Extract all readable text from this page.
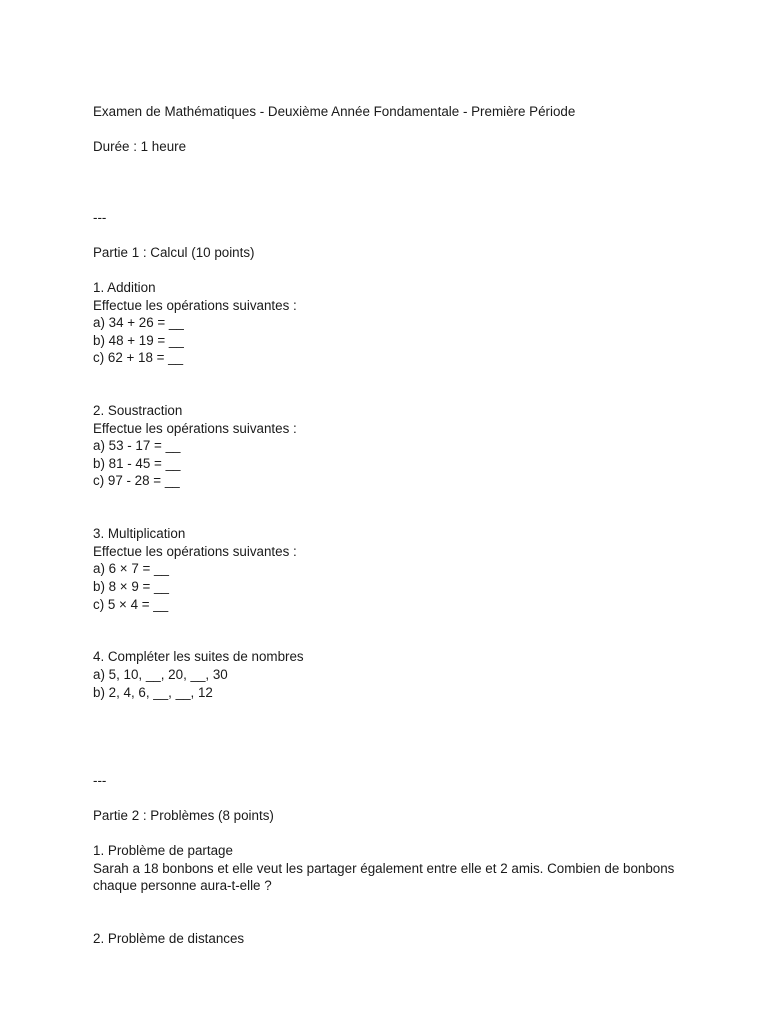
Examen de Mathématiques - Deuxième Année Fondamentale - Première Période

Durée : 1 heure

---

Partie 1 : Calcul (10 points)

1. Addition

Effectue les opérations suivantes :

a) 34 + 26 = __

b) 48 + 19 = __

c) 62 + 18 = __

2. Soustraction

Effectue les opérations suivantes :

a) 53 - 17 = __

b) 81 - 45 = __

c) 97 - 28 = __

3. Multiplication

Effectue les opérations suivantes :

a) 6 × 7 = __

b) 8 × 9 = __

c) 5 × 4 = __

4. Compléter les suites de nombres

a) 5, 10, __, 20, __, 30

b) 2, 4, 6, __, __, 12

---

Partie 2 : Problèmes (8 points)

1. Problème de partage

Sarah a 18 bonbons et elle veut les partager également entre elle et 2 amis. Combien de bonbons chaque personne aura-t-elle ?

2. Problème de distances
